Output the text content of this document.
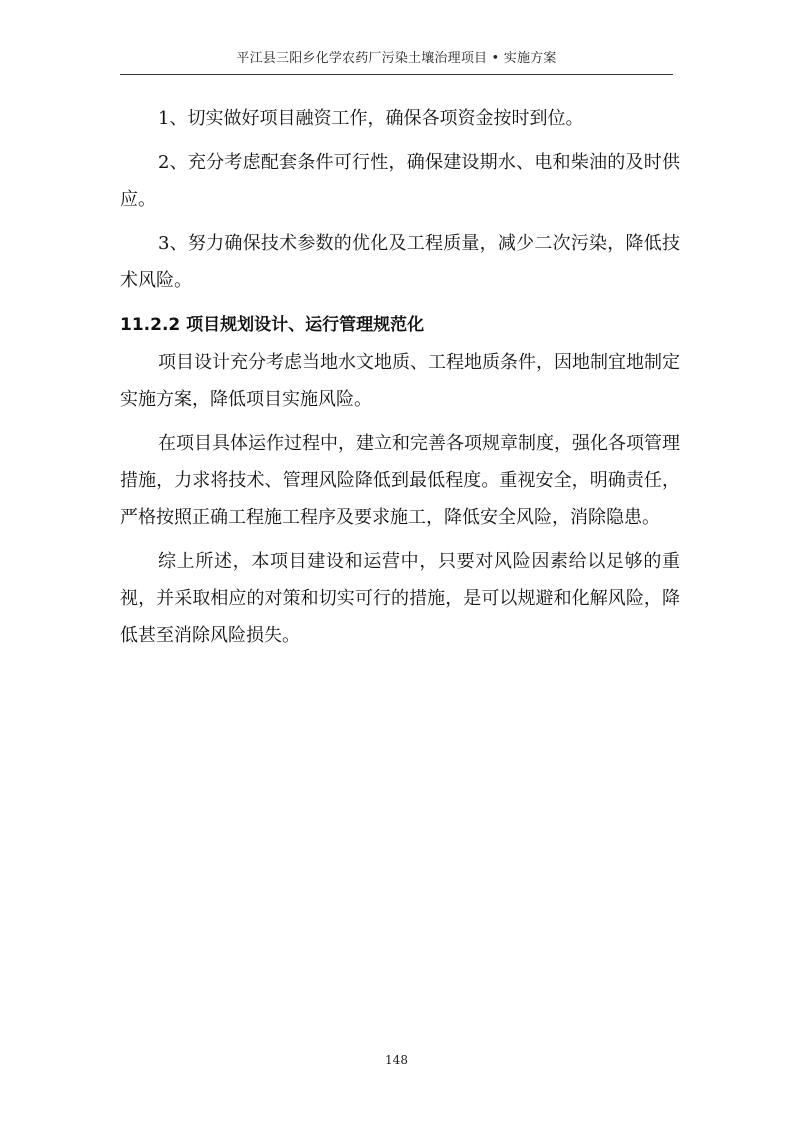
平江县三阳乡化学农药厂污染土壤治理项目 • 实施方案

1、切实做好项目融资工作，确保各项资金按时到位。

2、充分考虑配套条件可行性，确保建设期水、电和柴油的及时供应。

3、努力确保技术参数的优化及工程质量，减少二次污染，降低技术风险。

11.2.2 项目规划设计、运行管理规范化

项目设计充分考虑当地水文地质、工程地质条件，因地制宜地制定实施方案，降低项目实施风险。

在项目具体运作过程中，建立和完善各项规章制度，强化各项管理措施，力求将技术、管理风险降低到最低程度。重视安全，明确责任，严格按照正确工程施工程序及要求施工，降低安全风险，消除隐患。

综上所述，本项目建设和运营中，只要对风险因素给以足够的重视，并采取相应的对策和切实可行的措施，是可以规避和化解风险，降低甚至消除风险损失。

148
